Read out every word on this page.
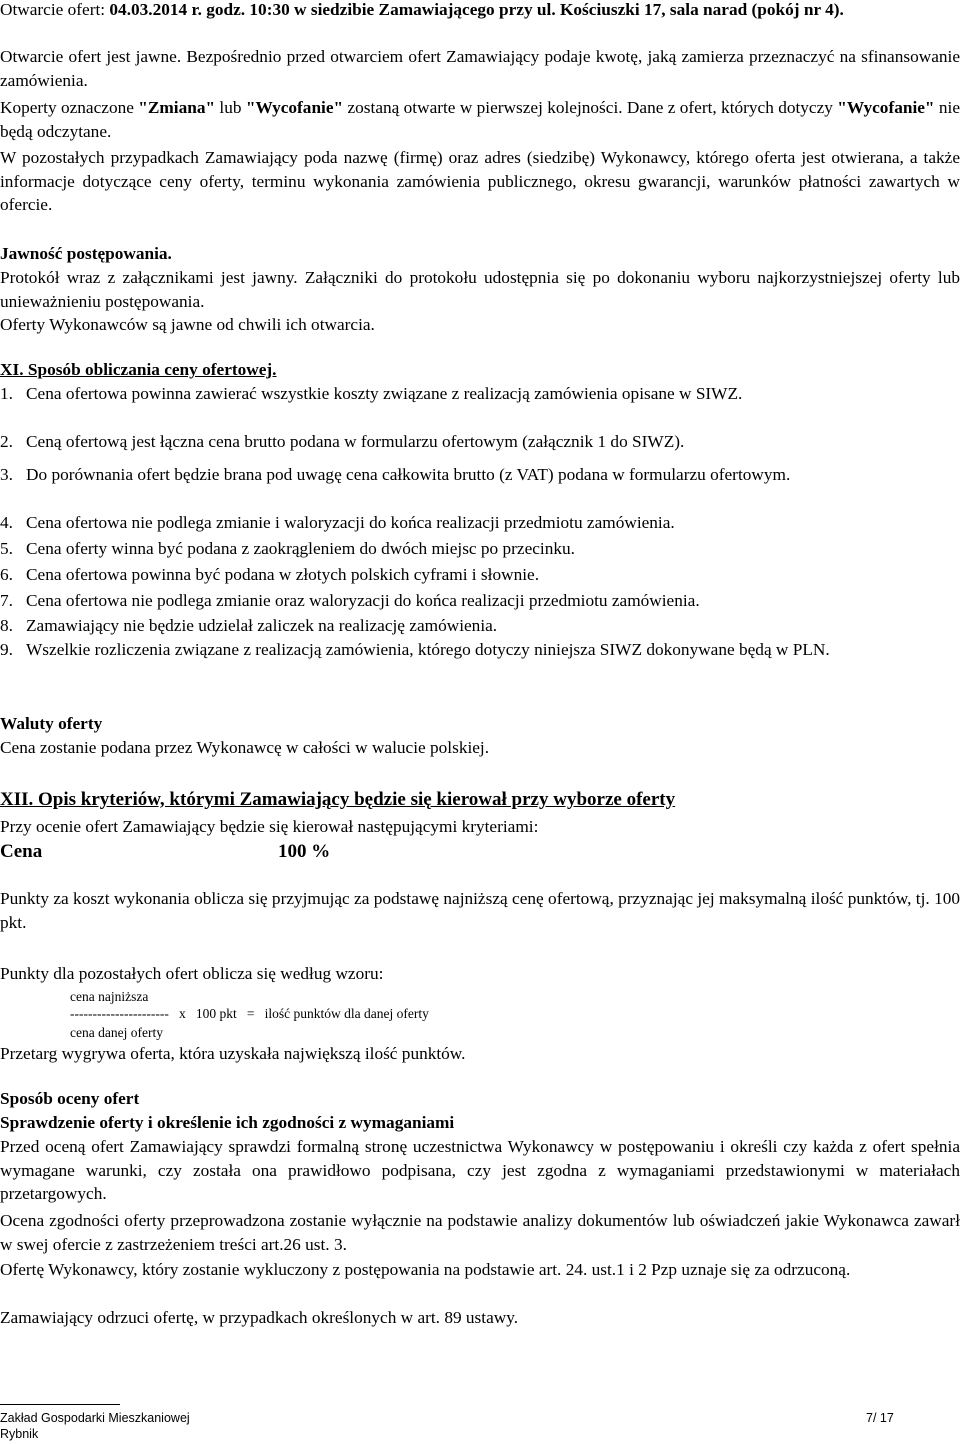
Otwarcie ofert: 04.03.2014 r. godz. 10:30 w siedzibie Zamawiającego przy ul. Kościuszki 17, sala narad (pokój nr 4).

Otwarcie ofert jest jawne. Bezpośrednio przed otwarciem ofert Zamawiający podaje kwotę, jaką zamierza przeznaczyć na sfinansowanie zamówienia.

Koperty oznaczone "Zmiana" lub "Wycofanie" zostaną otwarte w pierwszej kolejności. Dane z ofert, których dotyczy "Wycofanie" nie będą odczytane.

W pozostałych przypadkach Zamawiający poda nazwę (firmę) oraz adres (siedzibę) Wykonawcy, którego oferta jest otwierana, a także informacje dotyczące ceny oferty, terminu wykonania zamówienia publicznego, okresu gwarancji, warunków płatności zawartych w ofercie.

Jawność postępowania.

Protokół wraz z załącznikami jest jawny. Załączniki do protokołu udostępnia się po dokonaniu wyboru najkorzystniejszej oferty lub unieważnieniu postępowania.

Oferty Wykonawców są jawne od chwili ich otwarcia.

XI. Sposób obliczania ceny ofertowej.

1. Cena ofertowa powinna zawierać wszystkie koszty związane z realizacją zamówienia opisane w SIWZ.
2. Ceną ofertową jest łączna cena brutto podana w formularzu ofertowym (załącznik 1 do SIWZ).
3. Do porównania ofert będzie brana pod uwagę cena całkowita brutto (z VAT) podana w formularzu ofertowym.
4. Cena ofertowa nie podlega zmianie i waloryzacji do końca realizacji przedmiotu zamówienia.
5. Cena oferty winna być podana z zaokrągleniem do dwóch miejsc po przecinku.
6. Cena ofertowa powinna być podana w złotych polskich cyframi i słownie.
7. Cena ofertowa nie podlega zmianie oraz waloryzacji do końca realizacji przedmiotu zamówienia.
8. Zamawiający nie będzie udzielał zaliczek na realizację zamówienia.
9. Wszelkie rozliczenia związane z realizacją zamówienia, którego dotyczy niniejsza SIWZ dokonywane będą w PLN.

Waluty oferty

Cena zostanie podana przez Wykonawcę w całości w walucie polskiej.

XII. Opis kryteriów, którymi Zamawiający będzie się kierował przy wyborze oferty

Przy ocenie ofert Zamawiający będzie się kierował następującymi kryteriami:

Cena	100 %

Punkty za koszt wykonania oblicza się przyjmując za podstawę najniższą cenę ofertową, przyznając jej maksymalną ilość punktów, tj. 100 pkt.

Punkty dla pozostałych ofert oblicza się według wzoru:

cena najniższa
----------------------   x   100 pkt   =   ilość punktów dla danej oferty
cena danej oferty

Przetarg wygrywa oferta, która uzyskała największą ilość punktów.

Sposób oceny ofert

Sprawdzenie oferty i określenie ich zgodności z wymaganiami

Przed oceną ofert Zamawiający sprawdzi formalną stronę uczestnictwa Wykonawcy w postępowaniu i określi czy każda z ofert spełnia wymagane warunki, czy została ona prawidłowo podpisana, czy jest zgodna z wymaganiami przedstawionymi w materiałach przetargowych.

Ocena zgodności oferty przeprowadzona zostanie wyłącznie na podstawie analizy dokumentów lub oświadczeń jakie Wykonawca zawarł w swej ofercie z zastrzeżeniem treści art.26 ust. 3.

Ofertę Wykonawcy, który zostanie wykluczony z postępowania na podstawie art. 24. ust.1 i 2 Pzp uznaje się za odrzuconą.

Zamawiający odrzuci ofertę, w przypadkach określonych w art. 89 ustawy.

Zakład Gospodarki Mieszkaniowej
Rybnik
7/ 17
